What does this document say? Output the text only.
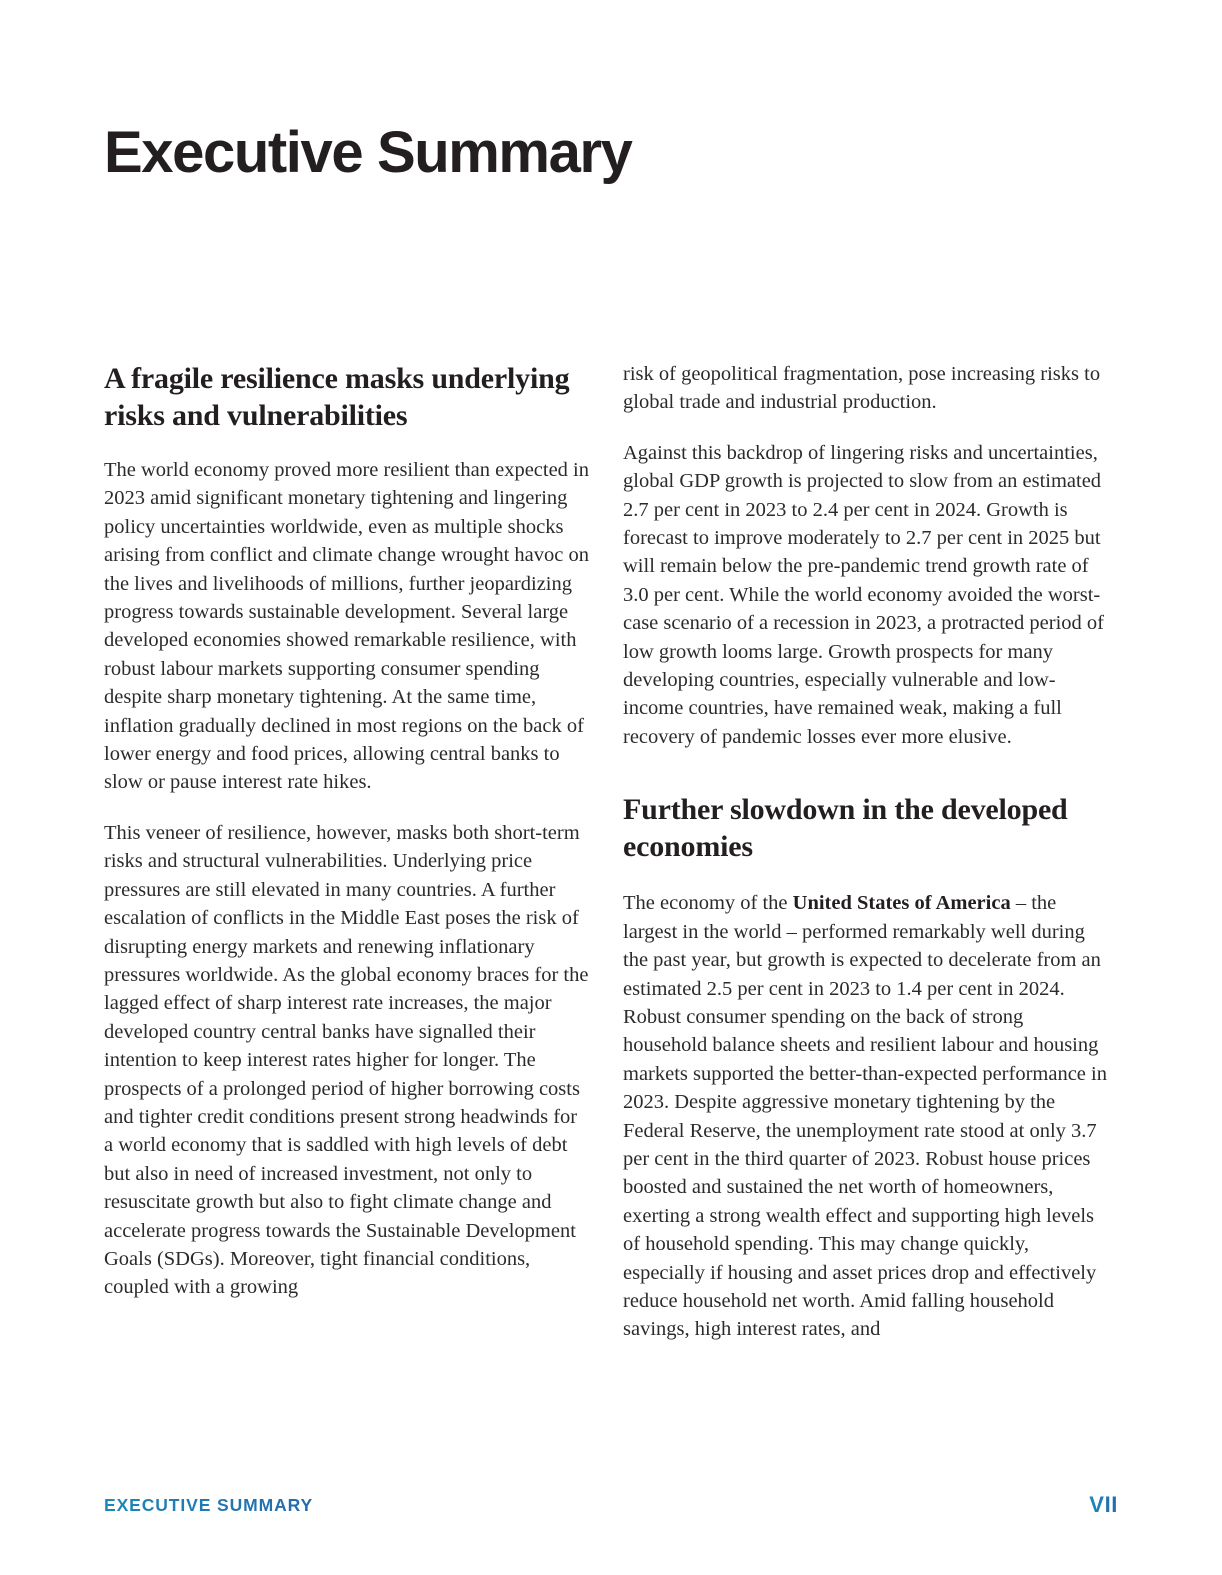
Executive Summary
A fragile resilience masks underlying risks and vulnerabilities

The world economy proved more resilient than expected in 2023 amid significant monetary tightening and lingering policy uncertainties worldwide, even as multiple shocks arising from conflict and climate change wrought havoc on the lives and livelihoods of millions, further jeopardizing progress towards sustainable development. Several large developed economies showed remarkable resilience, with robust labour markets supporting consumer spending despite sharp monetary tightening. At the same time, inflation gradually declined in most regions on the back of lower energy and food prices, allowing central banks to slow or pause interest rate hikes.

This veneer of resilience, however, masks both short-term risks and structural vulnerabilities. Underlying price pressures are still elevated in many countries. A further escalation of conflicts in the Middle East poses the risk of disrupting energy markets and renewing inflationary pressures worldwide. As the global economy braces for the lagged effect of sharp interest rate increases, the major developed country central banks have signalled their intention to keep interest rates higher for longer. The prospects of a prolonged period of higher borrowing costs and tighter credit conditions present strong headwinds for a world economy that is saddled with high levels of debt but also in need of increased investment, not only to resuscitate growth but also to fight climate change and accelerate progress towards the Sustainable Development Goals (SDGs). Moreover, tight financial conditions, coupled with a growing

risk of geopolitical fragmentation, pose increasing risks to global trade and industrial production.

Against this backdrop of lingering risks and uncertainties, global GDP growth is projected to slow from an estimated 2.7 per cent in 2023 to 2.4 per cent in 2024. Growth is forecast to improve moderately to 2.7 per cent in 2025 but will remain below the pre-pandemic trend growth rate of 3.0 per cent. While the world economy avoided the worst-case scenario of a recession in 2023, a protracted period of low growth looms large. Growth prospects for many developing countries, especially vulnerable and low-income countries, have remained weak, making a full recovery of pandemic losses ever more elusive.

Further slowdown in the developed economies

The economy of the United States of America – the largest in the world – performed remarkably well during the past year, but growth is expected to decelerate from an estimated 2.5 per cent in 2023 to 1.4 per cent in 2024. Robust consumer spending on the back of strong household balance sheets and resilient labour and housing markets supported the better-than-expected performance in 2023. Despite aggressive monetary tightening by the Federal Reserve, the unemployment rate stood at only 3.7 per cent in the third quarter of 2023. Robust house prices boosted and sustained the net worth of homeowners, exerting a strong wealth effect and supporting high levels of household spending. This may change quickly, especially if housing and asset prices drop and effectively reduce household net worth. Amid falling household savings, high interest rates, and

EXECUTIVE SUMMARY	VII
